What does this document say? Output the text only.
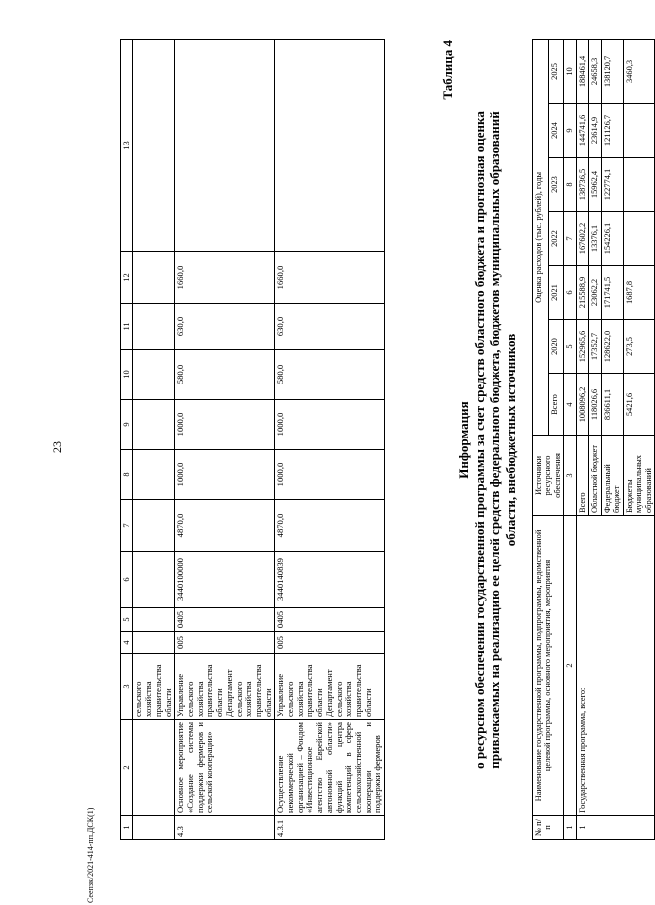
23
1	2	3	4	5	6	7	8	9	10	11	12	13
		сельского хозяйства правительства области										
4.3	Основное мероприятие «Создание системы поддержки фермеров и сельской кооперации»	Управление сельского хозяйства правительства области Департамент сельского хозяйства правительства области	005	0405	3440100000	4870,0	1000,0	1000,0	580,0	630,0	1660,0	
4.3.1	Осуществление некоммерческой организацией – Фондом «Инвестиционное агентство Еврейской автономной области» функций центра компетенций в сфере сельскохозяйственной кооперации и поддержки фермеров	Управление сельского хозяйства правительства области Департамент сельского хозяйства правительства области	005	0405	3440140839	4870,0	1000,0	1000,0	580,0	630,0	1660,0	
Таблица 4
Информация о ресурсном обеспечении государственной программы за счет средств областного бюджета и прогнозная оценка привлекаемых на реализацию ее целей средств федерального бюджета, бюджетов муниципальных образований области, внебюджетных источников
№ п/п	Наименование государственной программы, подпрограммы, ведомственной целевой программы, основного мероприятия, мероприятия	Источники ресурсного обеспечения	Оценка расходов (тыс. рублей), годы						
			Всего	2020	2021	2022	2023	2024	2025
1	2	3	4	5	6	7	8	9	10
1	Государственная программа, всего:	Всего	1008096,2	152965,6	215588,9	167602,2	138736,5	144741,6	188461,4
		Областной бюджет	118026,6	17352,7	23062,2	13376,1	15962,4	23614,9	24658,3
		Федеральный бюджет	836611,1	128622,0	171741,5	154226,1	122774,1	121126,7	138120,7
		Бюджеты муниципальных образований	5421,6	273,5	1687,8				3460,3
Сеепзк/2021-414-пп.ДСК(1)
